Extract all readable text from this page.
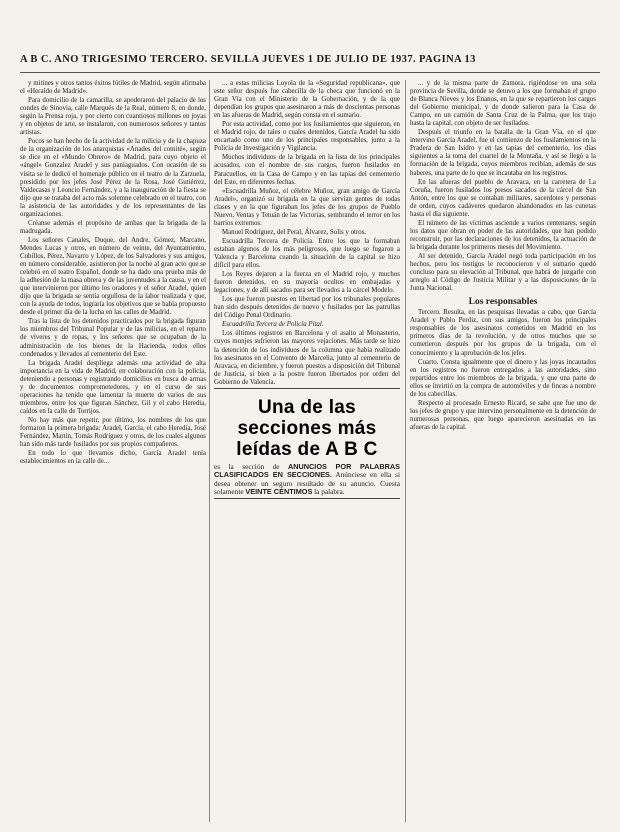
A B C. AÑO TRIGESIMO TERCERO. SEVILLA JUEVES 1 DE JULIO DE 1937. PAGINA 13

y mitines y otros tantos éxitos fútiles de Madrid, según afirmaba el «Heraldo de Madrid».

Para domicilio de la camarilla, se apoderaron del palacio de los condes de Sinovia, calle Marqués de la Real, número 8, en donde, según la Prensa roja, y por cierto con cuantiosos millones en joyas y en objetos de arte, se instalaron, con numerosos señores y tantos artistas.

Pocos se han hecho de la actividad de la milicia y de la chapuza de la organización de los anarquistas «Anades del comité», según se dice en el «Mundo Obrero» de Madrid, para cuyo objeto el «ángel» Gonzalez Aradel y sus paniaguados. Con ocasión de su visita se le dedicó el homenaje público en el teatro de la Zarzuela, presidido por los jefes José Pérez de la Rosa, José Gutiérrez, Valdecasas y Leoncio Fernández, y a la inauguración de la fiesta se dijo que se trataba del acto más solemne celebrado en el teatro, con la asistencia de las autoridades y de los representantes de las organizaciones.

Créanse además el propósito de ambas que la brigada de la madrugada.

Los señores Canales, Duque, del Andre, Gómez, Marcano, Mendes Lucas y otros, en número de veinte, del Ayuntamiento, Cubillos, Pérez, Navarro y López, de los Salvadores y sus amigos, en número considerable, asistieron por la noche al gran acto que se celebró en el teatro Español, donde se ha dado una prueba más de la adhesión de la masa obrera y de las juventudes a la causa, y en el que intervinieron por último los oradores y el señor Aradel, quien dijo que la brigada se sentía orgullosa de la labor realizada y que, con la ayuda de todos, lograría los objetivos que se había propuesto desde el primer día de la lucha en las calles de Madrid.

Tras la lista de los detenidos practicados por la brigada figuran los miembros del Tribunal Popular y de las milicias, en el reparto de víveres y de ropas, y los señores que se ocupaban de la administración de los bienes de la Hacienda, todos ellos condenados y llevados al cementerio del Este.

La brigada Aradel despliega además una actividad de alta importancia en la vida de Madrid, en colaboración con la policía, deteniendo a personas y registrando domicilios en busca de armas y de documentos comprometedores, y en el curso de sus operaciones ha tenido que lamentar la muerte de varios de sus miembros, entre los que figuran Sánchez, Gil y el cabo Heredia, caídos en la calle de Torrijos.

No hay más que repetir, por último, los nombres de los que formaron la primera brigada: Aradel, García, el cabo Heredia, José Fernández, Martín, Tomás Rodríguez y otros, de los cuales algunos han sido más tarde fusilados por sus propios compañeros.

En todo lo que llevamos dicho, García Aradel tenía establecimientos en la calle de...

... a estas milicias Loyola de la «Seguridad republicana», que este señor después fue cabecilla de la checa que funcionó en la Gran Vía con el Ministerio de la Gobernación, y de la que dependían los grupos que asesinaron a más de doscientas personas en las afueras de Madrid, según consta en el sumario.

Por esta actividad, como por los fusilamientos que siguieron, en el Madrid rojo, de tales o cuales detenidos, García Aradel ha sido encartado como uno de los principales responsables, junto a la Policía de Investigación y Vigilancia.

Muchos individuos de la brigada en la lista de los principales acusados, con el nombre de sus cargos, fueron fusilados en Paracuellos, en la Casa de Campo y en las tapias del cementerio del Este, en diferentes fechas.

«Escuadrilla Muñoz, el célebre Muñoz, gran amigo de García Aradel», organizó su brigada en la que servían gentes de todas clases y en la que figuraban los jefes de los grupos de Pueblo Nuevo, Ventas y Tetuán de las Victorias, sembrando el terror en los barrios extremos.

Manuel Rodríguez, del Peral, Álvarez, Solis y otros.

Escuadrilla Tercera de Policía. Entre los que la formaban estaban algunos de los más peligrosos, que luego se fugaron a Valencia y Barcelona cuando la situación de la capital se hizo difícil para ellos.

Los Reyes dejaron a la fuerza en el Madrid rojo, y muchos fueron detenidos, en su mayoría ocultos en embajadas y legaciones, y de allí sacados para ser llevados a la cárcel Modelo.

Los que fueron puestos en libertad por los tribunales populares han sido después detenidos de nuevo y fusilados por las patrullas del Código Penal Ordinario.

Escuadrilla Tercera de Policía Pital.

Los últimos registros en Barcelona y el asalto al Monasterio, cuyos monjes sufrieron las mayores vejaciones. Más tarde se hizo la detención de los individuos de la columna que había realizado los asesinatos en el Convento de Marcelia, junto al cementerio de Aravaca, en diciembre, y fueron puestos a disposición del Tribunal de Justicia, si bien a la postre fueron libertados por orden del Gobierno de Valencia.

Una de las secciones más leídas de A B C
es la sección de ANUNCIOS POR PALABRAS CLASIFICADOS EN SECCIONES. Anúnciese en ella si desea obtener un seguro resultado de su anuncio. Cuesta solamente VEINTE CÉNTIMOS la palabra.

... y de la misma parte de Zamora, rigiéndose en una sola provincia de Sevilla, donde se detuvo a los que formaban el grupo de Blanca Nieves y los Enanos, en la que se repartieron los cargos del Gobierno municipal, y de donde salieron para la Casa de Campo, en un camión de Santa Cruz de la Palma, que los trajo hasta la capital, con objeto de ser fusilados.

Después el triunfo en la batalla de la Gran Vía, en el que intervino García Aradel, fue el comienzo de los fusilamientos en la Pradera de San Isidro y en las tapias del cementerio, los días siguientes a la toma del cuartel de la Montaña, y así se llegó a la formación de la brigada, cuyos miembros recibían, además de sus haberes, una parte de lo que se incautaba en los registros.

En las afueras del pueblo de Aravaca, en la carretera de La Coruña, fueron fusilados los presos sacados de la cárcel de San Antón, entre los que se contaban militares, sacerdotes y personas de orden, cuyos cadáveres quedaron abandonados en las cunetas hasta el día siguiente.

El número de las víctimas asciende a varios centenares, según los datos que obran en poder de las autoridades, que han podido reconstruir, por las declaraciones de los detenidos, la actuación de la brigada durante los primeros meses del Movimiento.

Al ser detenido, García Aradel negó toda participación en los hechos, pero los testigos le reconocieron y el sumario quedó concluso para su elevación al Tribunal, que habrá de juzgarle con arreglo al Código de Justicia Militar y a las disposiciones de la Junta Nacional.

Los responsables

Tercero. Resulta, en las pesquisas llevadas a cabo, que García Aradel y Pablo Perdiz, con sus amigos, fueron los principales responsables de los asesinatos cometidos en Madrid en los primeros días de la revolución, y de otros muchos que se cometieron después por los grupos de la brigada, con el conocimiento y la aprobación de los jefes.

Cuarto. Consta igualmente que el dinero y las joyas incautados en los registros no fueron entregados a las autoridades, sino repartidos entre los miembros de la brigada, y que una parte de ellos se invirtió en la compra de automóviles y de fincas a nombre de los cabecillas.

Respecto al procesado Ernesto Ricard, se sabe que fue uno de los jefes de grupo y que intervino personalmente en la detención de numerosas personas, que luego aparecieron asesinadas en las afueras de la capital.
